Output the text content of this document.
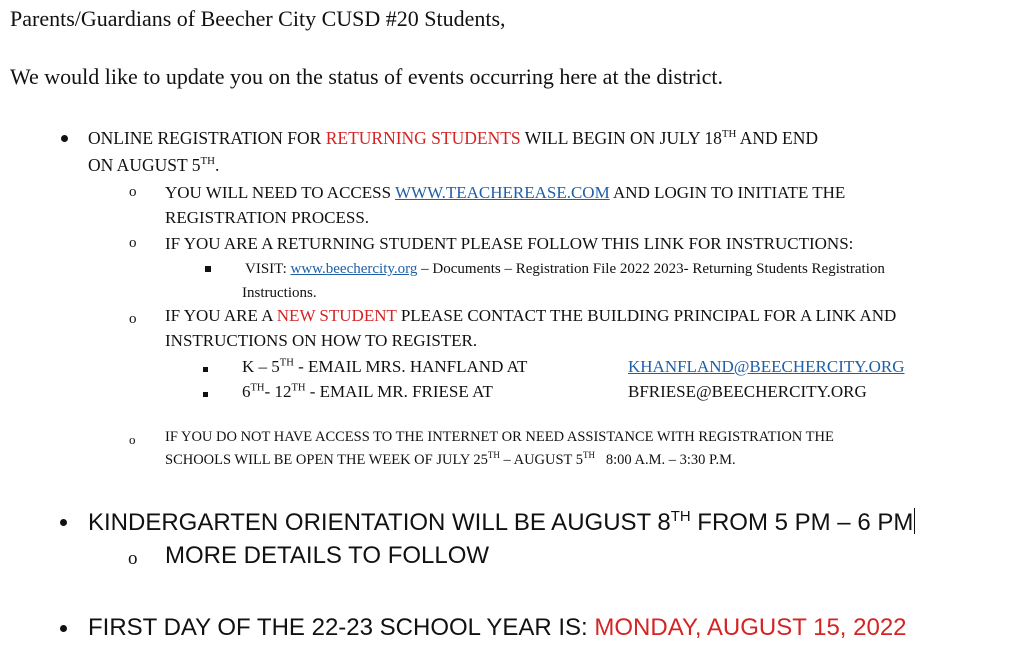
Parents/Guardians of Beecher City CUSD #20 Students,
We would like to update you on the status of events occurring here at the district.
ONLINE REGISTRATION FOR RETURNING STUDENTS WILL BEGIN ON JULY 18TH AND END
ON AUGUST 5TH.
o YOU WILL NEED TO ACCESS WWW.TEACHEREASE.COM AND LOGIN TO INITIATE THE
REGISTRATION PROCESS.
o IF YOU ARE A RETURNING STUDENT PLEASE FOLLOW THIS LINK FOR INSTRUCTIONS:
VISIT: www.beechercity.org – Documents – Registration File 2022 2023- Returning Students Registration
Instructions.
o IF YOU ARE A NEW STUDENT PLEASE CONTACT THE BUILDING PRINCIPAL FOR A LINK AND
INSTRUCTIONS ON HOW TO REGISTER.
K – 5TH - EMAIL MRS. HANFLAND AT	KHANFLAND@BEECHERCITY.ORG
6TH- 12TH - EMAIL MR. FRIESE AT	BFRIESE@BEECHERCITY.ORG
o IF YOU DO NOT HAVE ACCESS TO THE INTERNET OR NEED ASSISTANCE WITH REGISTRATION THE
SCHOOLS WILL BE OPEN THE WEEK OF JULY 25TH – AUGUST 5TH   8:00 A.M. – 3:30 P.M.
KINDERGARTEN ORIENTATION WILL BE AUGUST 8TH FROM 5 PM – 6 PM
o MORE DETAILS TO FOLLOW
FIRST DAY OF THE 22-23 SCHOOL YEAR IS: MONDAY, AUGUST 15, 2022
